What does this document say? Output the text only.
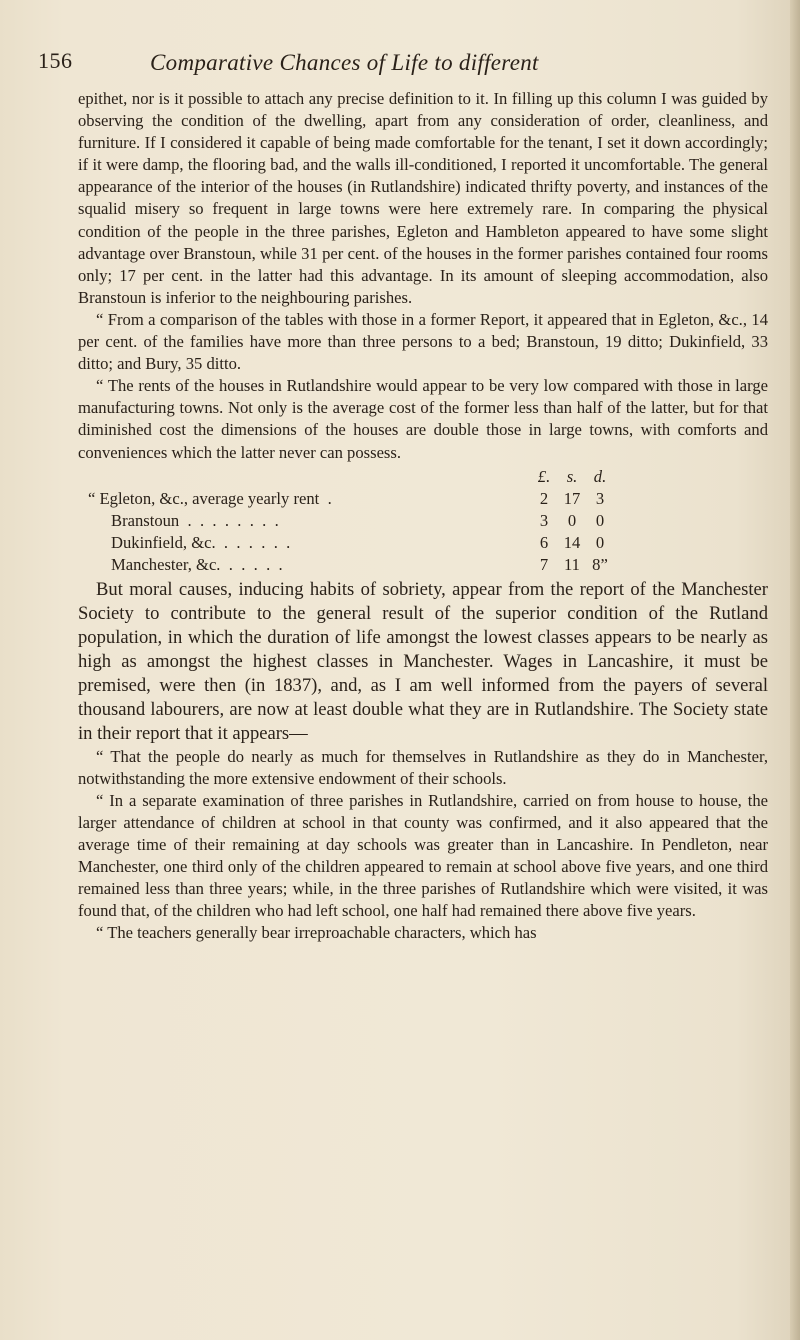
156	Comparative Chances of Life to different

epithet, nor is it possible to attach any precise definition to it. In filling up this column I was guided by observing the condition of the dwelling, apart from any consideration of order, cleanliness, and furniture. If I considered it capable of being made comfortable for the tenant, I set it down accordingly; if it were damp, the flooring bad, and the walls ill-conditioned, I reported it uncomfortable. The general appearance of the interior of the houses (in Rutlandshire) indicated thrifty poverty, and instances of the squalid misery so frequent in large towns were here extremely rare. In comparing the physical condition of the people in the three parishes, Egleton and Hambleton appeared to have some slight advantage over Branstoun, while 31 per cent. of the houses in the former parishes contained four rooms only; 17 per cent. in the latter had this advantage. In its amount of sleeping accommodation, also Branstoun is inferior to the neighbouring parishes.

“ From a comparison of the tables with those in a former Report, it appeared that in Egleton, &c., 14 per cent. of the families have more than three persons to a bed; Branstoun, 19 ditto; Dukinfield, 33 ditto; and Bury, 35 ditto.

“ The rents of the houses in Rutlandshire would appear to be very low compared with those in large manufacturing towns. Not only is the average cost of the former less than half of the latter, but for that diminished cost the dimensions of the houses are double those in large towns, with comforts and conveniences which the latter never can possess.

£. s. d.
“ Egleton, &c., average yearly rent  .	2 17 3
Branstoun  .  .  .  .  .  .  .  .	3	0	0
Dukinfield, &c.  .  .  .  .  .  .	6 14 0
Manchester, &c.  .  .  .  .  .	7 11 8”

But moral causes, inducing habits of sobriety, appear from the report of the Manchester Society to contribute to the general result of the superior condition of the Rutland population, in which the duration of life amongst the lowest classes appears to be nearly as high as amongst the highest classes in Manchester. Wages in Lancashire, it must be premised, were then (in 1837), and, as I am well informed from the payers of several thousand labourers, are now at least double what they are in Rutlandshire. The Society state in their report that it appears—

“ That the people do nearly as much for themselves in Rutlandshire as they do in Manchester, notwithstanding the more extensive endowment of their schools.

“ In a separate examination of three parishes in Rutlandshire, carried on from house to house, the larger attendance of children at school in that county was confirmed, and it also appeared that the average time of their remaining at day schools was greater than in Lancashire. In Pendleton, near Manchester, one third only of the children appeared to remain at school above five years, and one third remained less than three years; while, in the three parishes of Rutlandshire which were visited, it was found that, of the children who had left school, one half had remained there above five years.

“ The teachers generally bear irreproachable characters, which has
